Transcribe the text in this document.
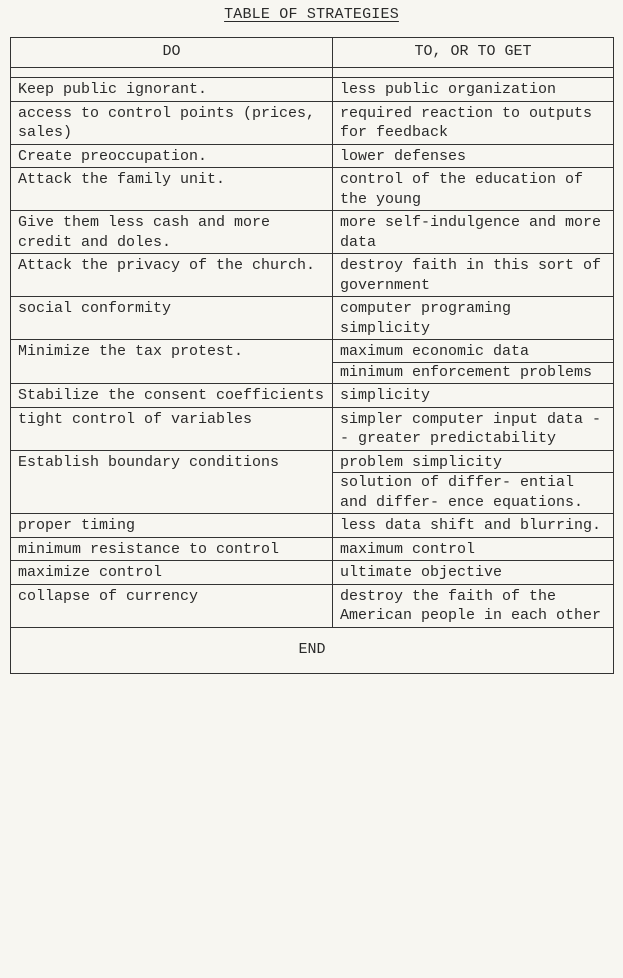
TABLE OF STRATEGIES
DO	TO, OR TO GET

Keep public ignorant.	less public organization

access to control points (prices, sales)	required reaction to outputs for feedback

Create preoccupation.	lower defenses

Attack the family unit.	control of the education of the young

Give them less cash and more credit and doles.	more self-indulgence and more data

Attack the privacy of the church.	destroy faith in this sort of government

social conformity	computer programing simplicity

Minimize the tax protest.	maximum economic data
minimum enforcement problems

Stabilize the consent coefficients	simplicity

tight control of variables	simpler computer input data -- greater predictability

Establish boundary conditions	problem simplicity
solution of differ- ential and differ- ence equations.

proper timing	less data shift and blurring.

minimum resistance to control	maximum control

maximize control	ultimate objective

collapse of currency	destroy the faith of the American people in each other

END	
